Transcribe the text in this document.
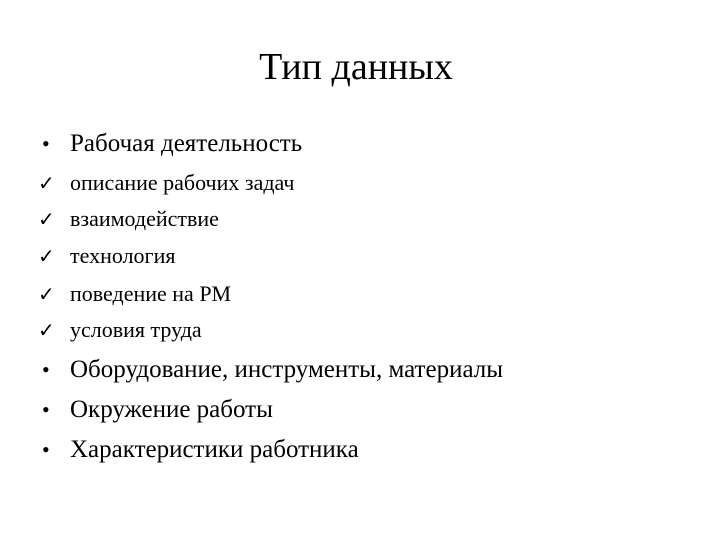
Тип данных
• Рабочая деятельность
✓ описание рабочих задач
✓ взаимодействие
✓ технология
✓ поведение на РМ
✓ условия труда
• Оборудование, инструменты, материалы
• Окружение работы
• Характеристики работника
